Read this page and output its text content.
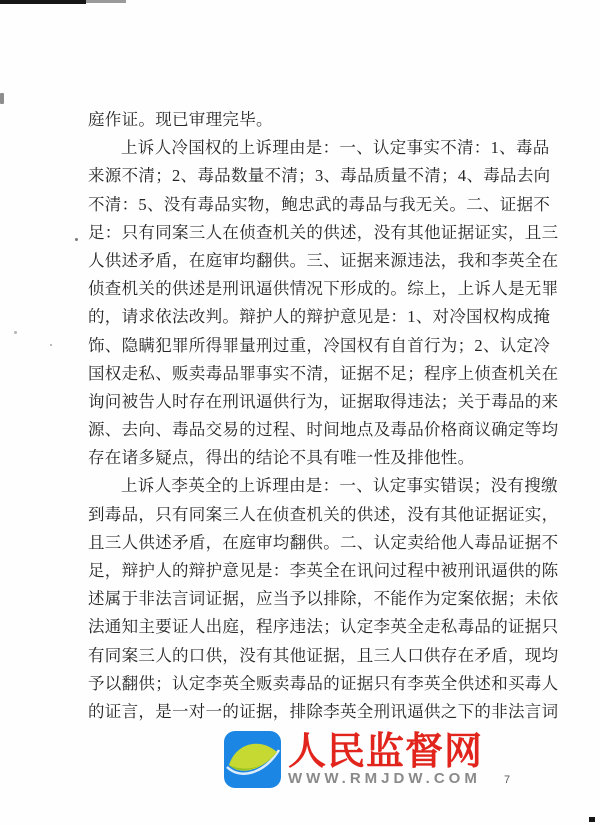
庭作证。现已审理完毕。
上诉人冷国权的上诉理由是：一、认定事实不清：1、毒品
来源不清；2、毒品数量不清；3、毒品质量不清；4、毒品去向
不清：5、没有毒品实物，鲍忠武的毒品与我无关。二、证据不
足：只有同案三人在侦查机关的供述，没有其他证据证实，且三
人供述矛盾，在庭审均翻供。三、证据来源违法，我和李英全在
侦查机关的供述是刑讯逼供情况下形成的。综上，上诉人是无罪
的，请求依法改判。辩护人的辩护意见是：1、对冷国权构成掩
饰、隐瞒犯罪所得罪量刑过重，冷国权有自首行为；2、认定冷
国权走私、贩卖毒品罪事实不清，证据不足；程序上侦查机关在
询问被告人时存在刑讯逼供行为，证据取得违法；关于毒品的来
源、去向、毒品交易的过程、时间地点及毒品价格商议确定等均
存在诸多疑点，得出的结论不具有唯一性及排他性。
上诉人李英全的上诉理由是：一、认定事实错误；没有搜缴
到毒品，只有同案三人在侦查机关的供述，没有其他证据证实，
且三人供述矛盾，在庭审均翻供。二、认定卖给他人毒品证据不
足，辩护人的辩护意见是：李英全在讯问过程中被刑讯逼供的陈
述属于非法言词证据，应当予以排除，不能作为定案依据；未依
法通知主要证人出庭，程序违法；认定李英全走私毒品的证据只
有同案三人的口供，没有其他证据，且三人口供存在矛盾，现均
予以翻供；认定李英全贩卖毒品的证据只有李英全供述和买毒人
的证言，是一对一的证据，排除李英全刑讯逼供之下的非法言词
人民监督网
WWW.RMJDW.COM 7
